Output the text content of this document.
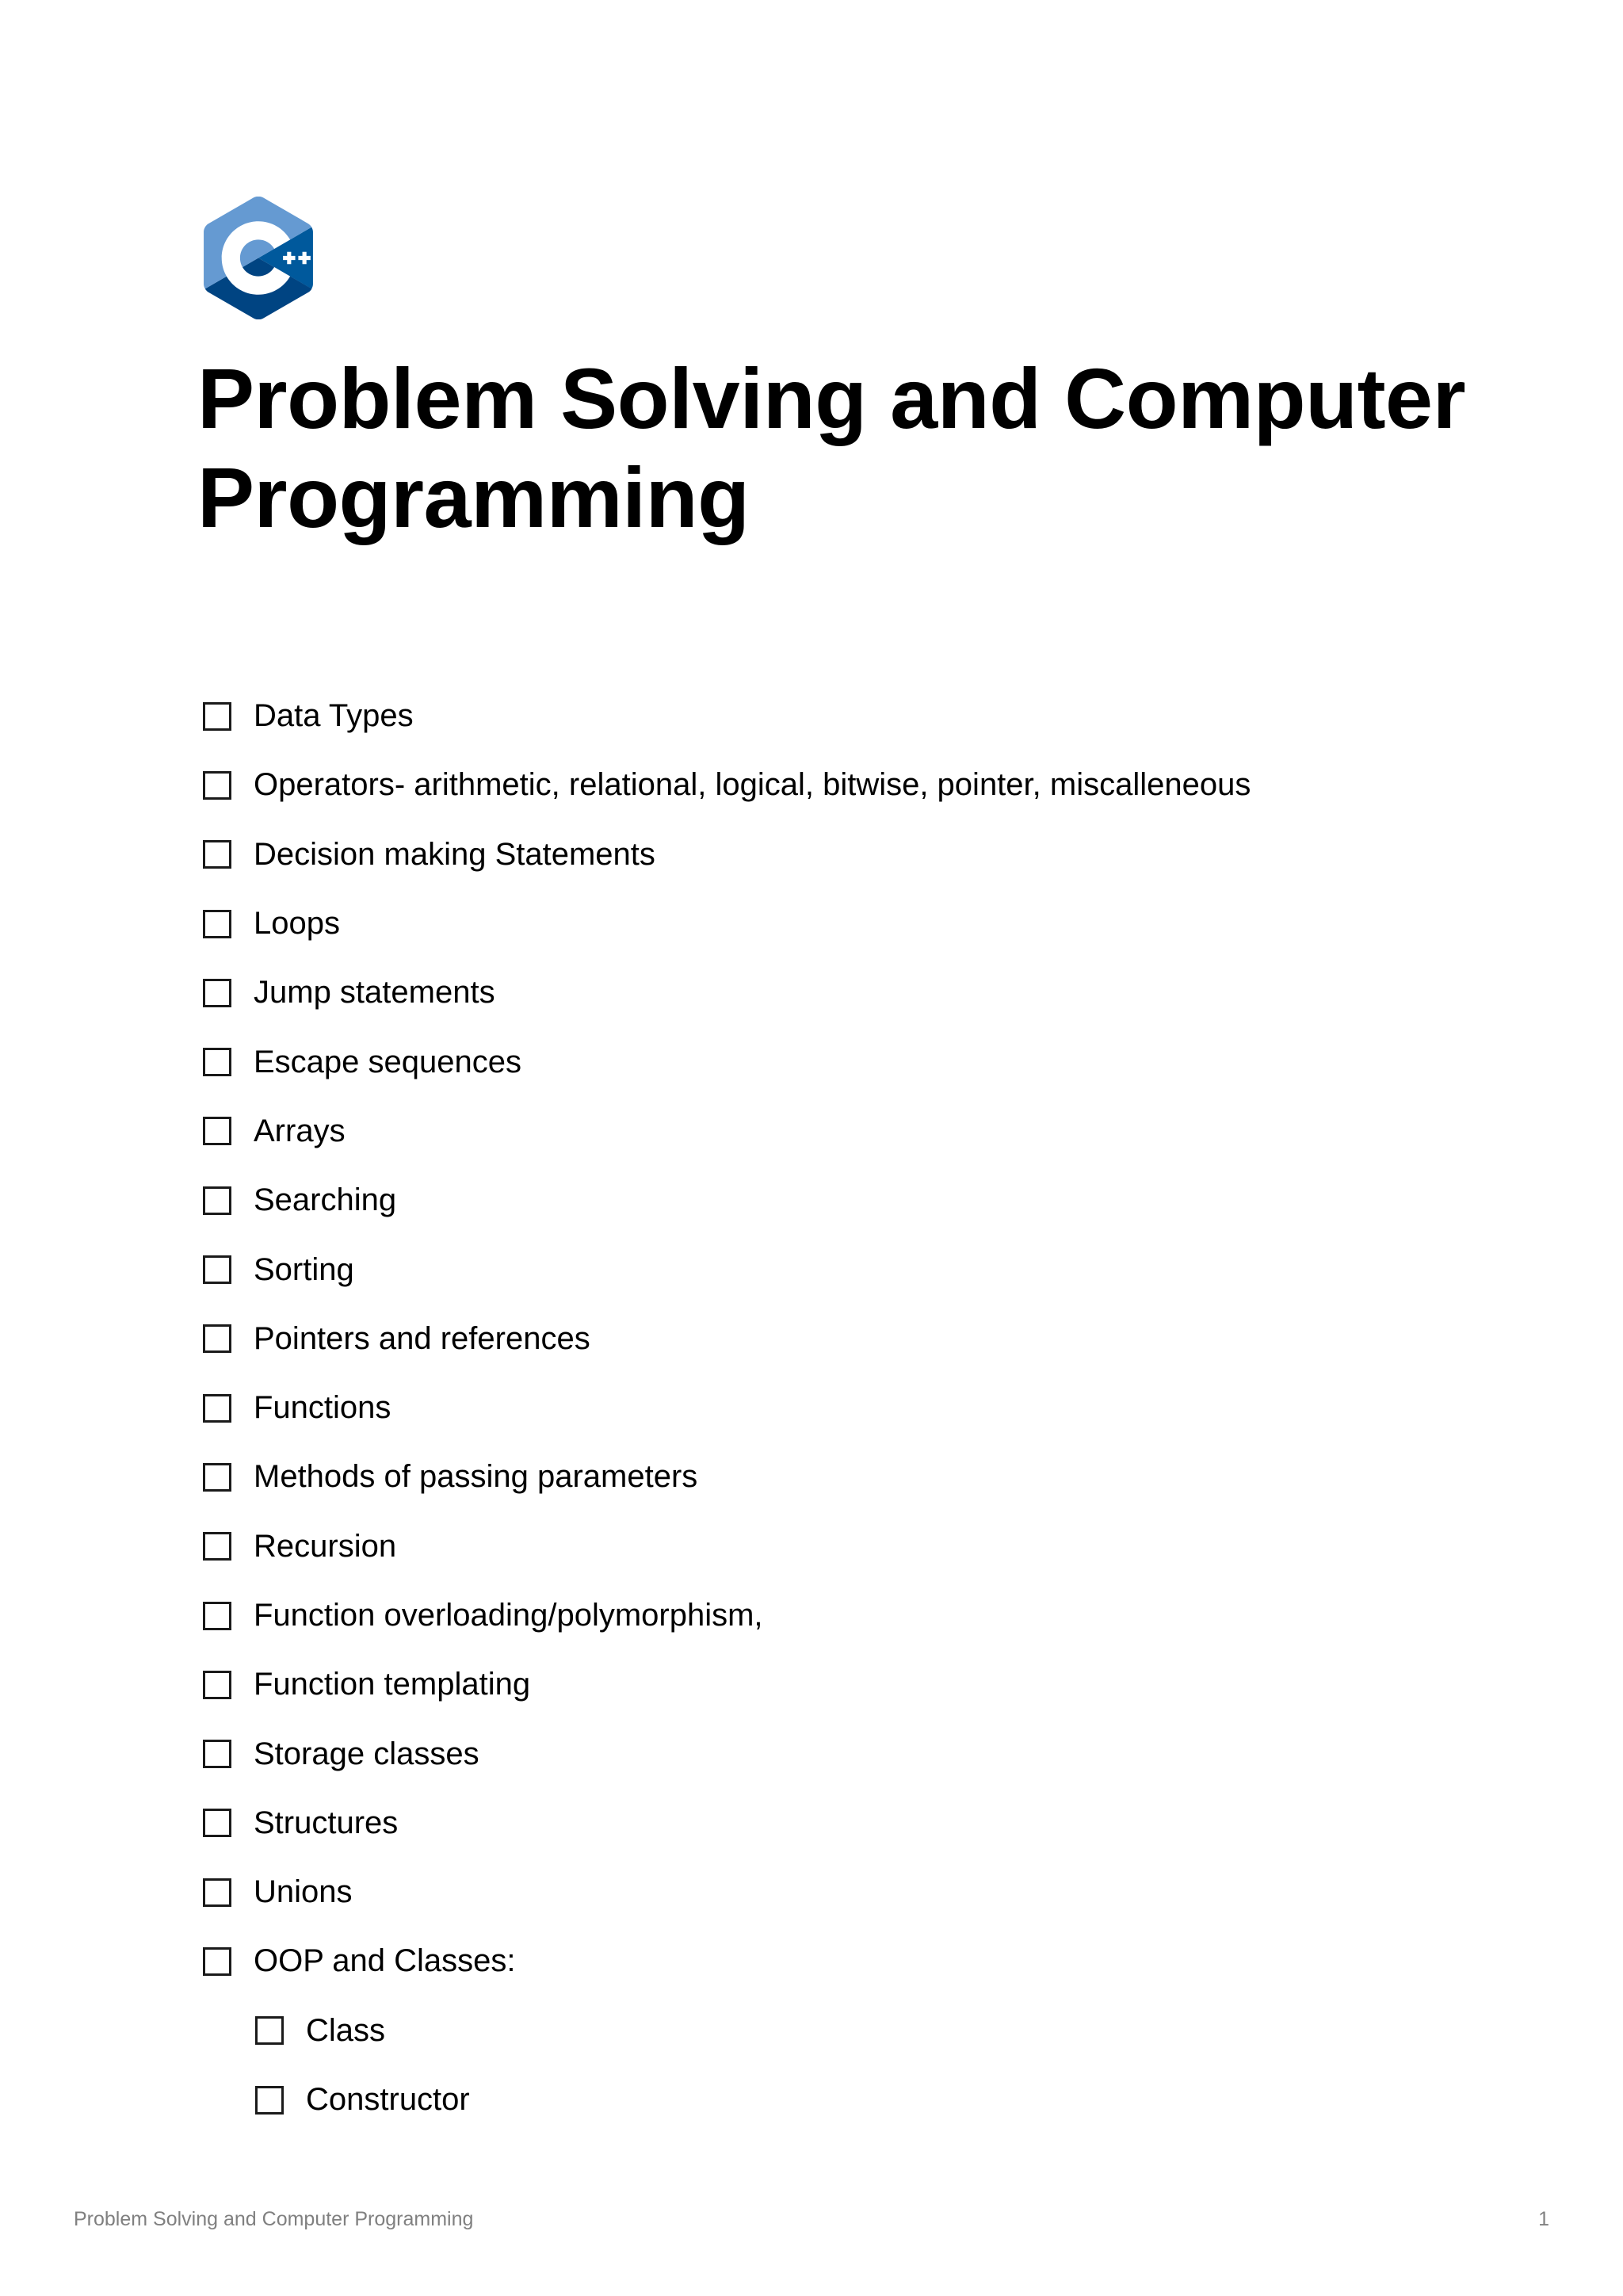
Problem Solving and Computer Programming
Data Types
Operators- arithmetic, relational, logical, bitwise, pointer, miscalleneous
Decision making Statements
Loops
Jump statements
Escape sequences
Arrays
Searching
Sorting
Pointers and references
Functions
Methods of passing parameters
Recursion
Function overloading/polymorphism,
Function templating
Storage classes
Structures
Unions
OOP and Classes:
Class
Constructor
Problem Solving and Computer Programming	1
